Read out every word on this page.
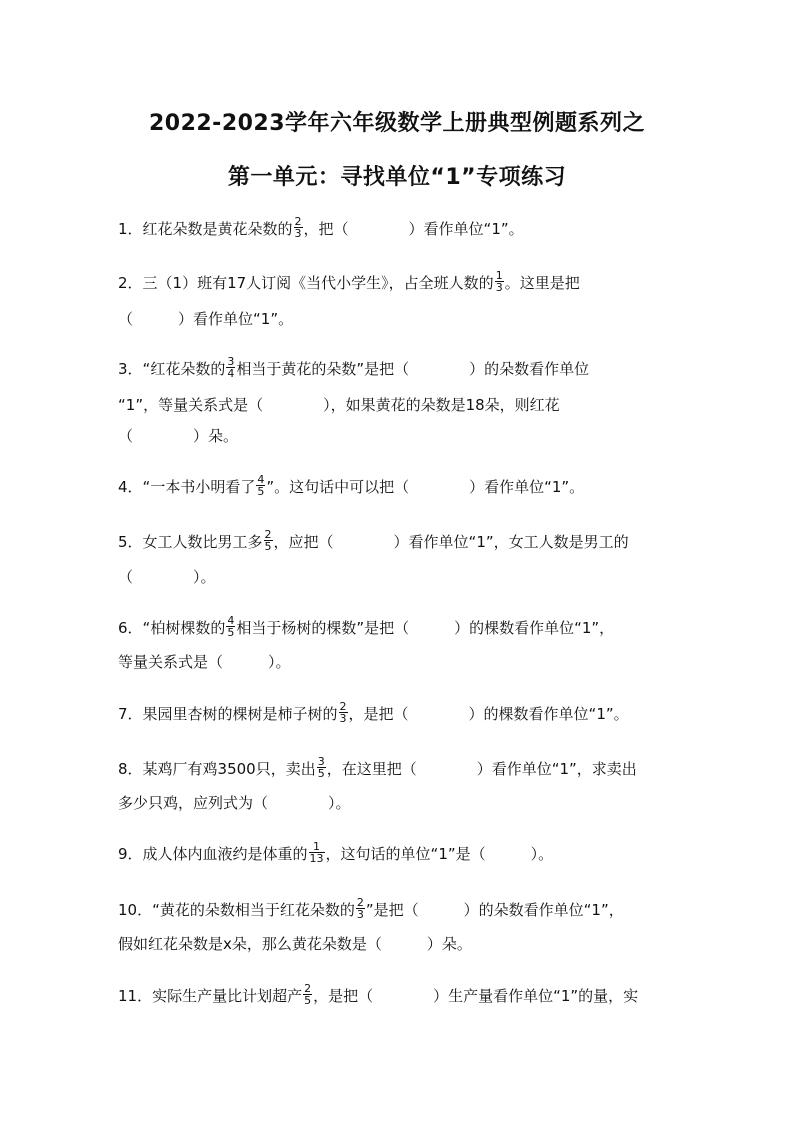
2022-2023学年六年级数学上册典型例题系列之
第一单元：寻找单位“1”专项练习
1．红花朵数是黄花朵数的 $\frac{2}{3}$ ，把（　　　　）看作单位“1”。
2．三（1）班有17人订阅《当代小学生》，占全班人数的 $\frac{1}{3}$ 。这里是把
（　　　）看作单位“1”。
3．“红花朵数的 $\frac{3}{4}$ 相当于黄花的朵数”是把（　　　　）的朵数看作单位
“1”，等量关系式是（　　　　），如果黄花的朵数是18朵，则红花
（　　　　）朵。
4．“一本书小明看了 $\frac{4}{5}$ ”。这句话中可以把（　　　　）看作单位“1”。
5．女工人数比男工多 $\frac{2}{5}$ ，应把（　　　　）看作单位“1”，女工人数是男工的
（　　　　）。
6．“柏树棵数的 $\frac{4}{5}$ 相当于杨树的棵数”是把（　　　）的棵数看作单位“1”，
等量关系式是（　　　）。
7．果园里杏树的棵树是柿子树的 $\frac{2}{3}$ ，是把（　　　　）的棵数看作单位“1”。
8．某鸡厂有鸡3500只，卖出 $\frac{3}{5}$ ，在这里把（　　　　）看作单位“1”，求卖出
多少只鸡，应列式为（　　　　）。
9．成人体内血液约是体重的 $\frac{1}{13}$ ，这句话的单位“1”是（　　　）。
10．“黄花的朵数相当于红花朵数的 $\frac{2}{3}$ ”是把（　　　）的朵数看作单位“1”，
假如红花朵数是x朵，那么黄花朵数是（　　　）朵。
11．实际生产量比计划超产 $\frac{2}{5}$ ，是把（　　　　）生产量看作单位“1”的量，实
